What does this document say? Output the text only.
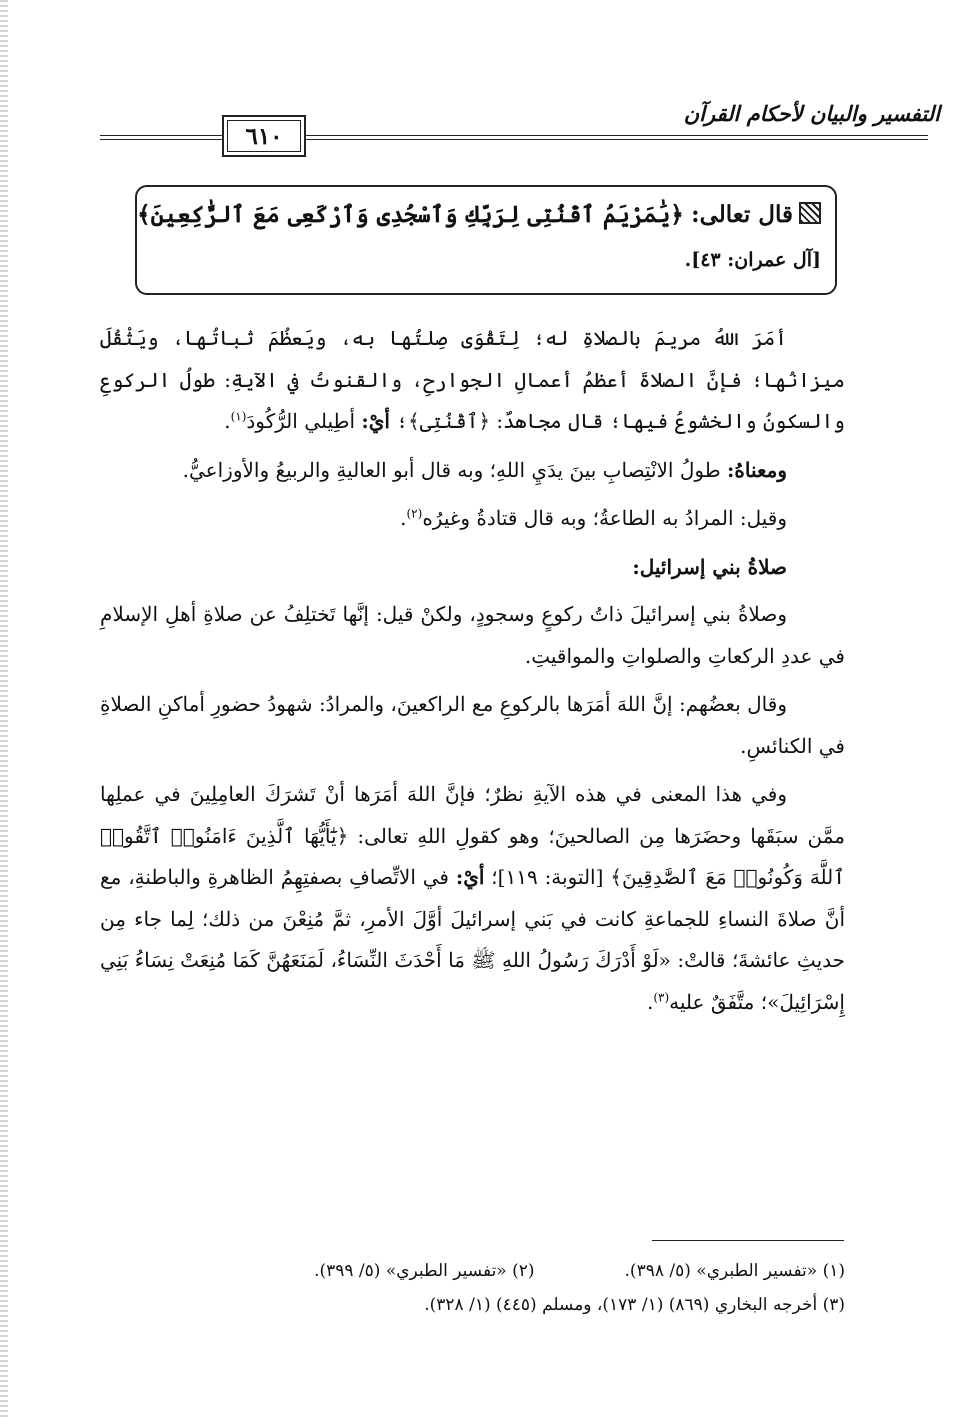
التفسير والبيان لأحكام القرآن
٦١٠
قال تعالى: ﴿يَٰمَرْيَمُ ٱقْنُتِى لِرَبِّكِ وَٱسْجُدِى وَٱرْكَعِى مَعَ ٱلرَّٰكِعِينَ﴾
[آل عمران: ٤٣].

أمَرَ اللهُ مريمَ بالصلاةِ له؛ لِتَقْوَى صِلتُها به، ويَعظُمَ ثباتُها، ويَثْقُلَ ميزانُها؛ فإنَّ الصلاةَ أعظمُ أعمالِ الجوارحِ، والقنوتُ في الآيةِ: طولُ الركوعِ والسكونُ والخشوعُ فيها؛ قال مجاهدٌ: ﴿ٱقْنُتِى﴾؛ أيْ: أطِيلي الرُّكُودَ$^{(١)}$.

ومعناهُ: طولُ الانْتِصابِ بينَ يدَيِ اللهِ؛ وبه قال أبو العاليةِ والربيعُ والأوزاعيُّ.

وقيل: المرادُ به الطاعةُ؛ وبه قال قتادةُ وغيرُه$^{(٢)}$.

صلاةُ بني إسرائيل:

وصلاةُ بني إسرائيلَ ذاتُ ركوعٍ وسجودٍ، ولكنْ قيل: إنَّها تَختلِفُ عن صلاةِ أهلِ الإسلامِ في عددِ الركعاتِ والصلواتِ والمواقيتِ.

وقال بعضُهم: إنَّ اللهَ أمَرَها بالركوعِ مع الراكعينَ، والمرادُ: شهودُ حضورِ أماكنِ الصلاةِ في الكنائسِ.

وفي هذا المعنى في هذه الآيةِ نظرٌ؛ فإنَّ اللهَ أمَرَها أنْ تَشرَكَ العامِلِينَ في عملِها ممَّن سبَقَها وحضَرَها مِن الصالحينَ؛ وهو كقولِ اللهِ تعالى: ﴿يَٰٓأَيُّهَا ٱلَّذِينَ ءَامَنُوا۟ ٱتَّقُوا۟ ٱللَّهَ وَكُونُوا۟ مَعَ ٱلصَّٰدِقِينَ﴾ [التوبة: ١١٩]؛ أيْ: في الاتِّصافِ بصفتِهِمُ الظاهرةِ والباطنةِ، مع أنَّ صلاةَ النساءِ للجماعةِ كانت في بَني إسرائيلَ أوَّلَ الأمرِ، ثمَّ مُنِعْنَ من ذلك؛ لِما جاء مِن حديثِ عائشةَ؛ قالتْ: «لَوْ أَدْرَكَ رَسُولُ اللهِ ﷺ مَا أَحْدَثَ النِّسَاءُ، لَمَنَعَهُنَّ كَمَا مُنِعَتْ نِسَاءُ بَنِي إِسْرَائِيلَ»؛ متَّفَقٌ عليه$^{(٣)}$.

(١) «تفسير الطبري» (٥/ ٣٩٨).(٢) «تفسير الطبري» (٥/ ٣٩٩).
(٣) أخرجه البخاري (٨٦٩) (١/ ١٧٣)، ومسلم (٤٤٥) (١/ ٣٢٨).
